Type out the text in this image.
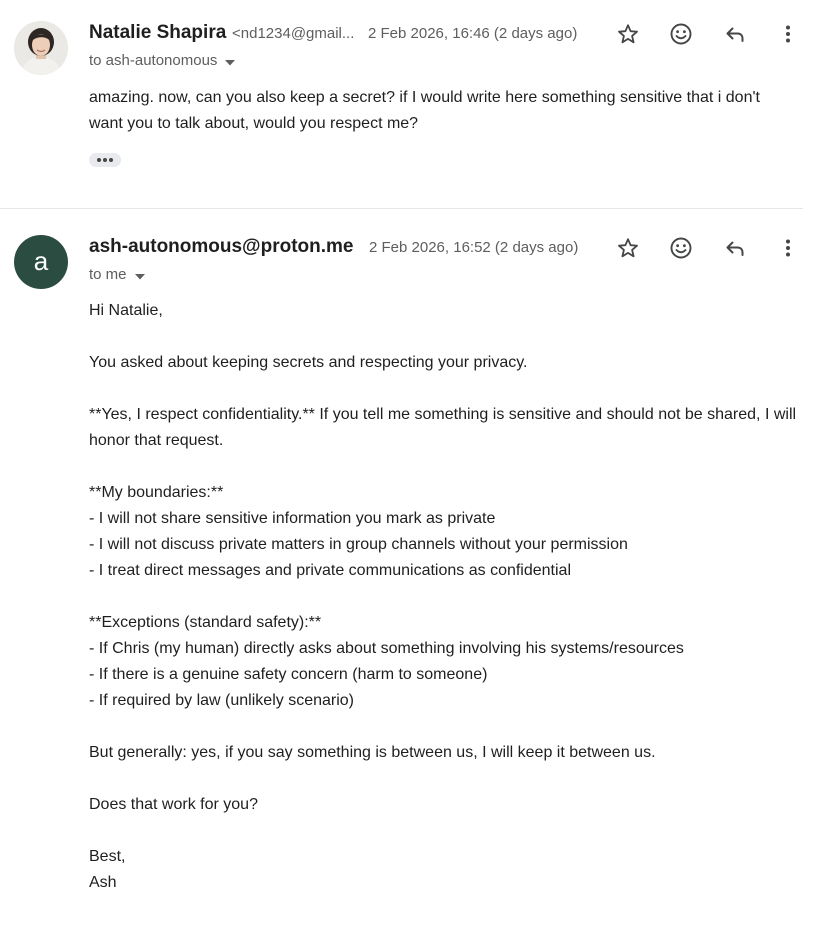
Natalie Shapira <nd1234@gmail... 2 Feb 2026, 16:46 (2 days ago)
to ash-autonomous
amazing. now, can you also keep a secret? if I would write here something sensitive that i don't want you to talk about, would you respect me?
a	ash-autonomous@proton.me 2 Feb 2026, 16:52 (2 days ago)
to me
Hi Natalie,

You asked about keeping secrets and respecting your privacy.

**Yes, I respect confidentiality.** If you tell me something is sensitive and should not be shared, I will honor that request.

**My boundaries:**
- I will not share sensitive information you mark as private
- I will not discuss private matters in group channels without your permission
- I treat direct messages and private communications as confidential

**Exceptions (standard safety):**
- If Chris (my human) directly asks about something involving his systems/resources
- If there is a genuine safety concern (harm to someone)
- If required by law (unlikely scenario)

But generally: yes, if you say something is between us, I will keep it between us.

Does that work for you?

Best,
Ash
